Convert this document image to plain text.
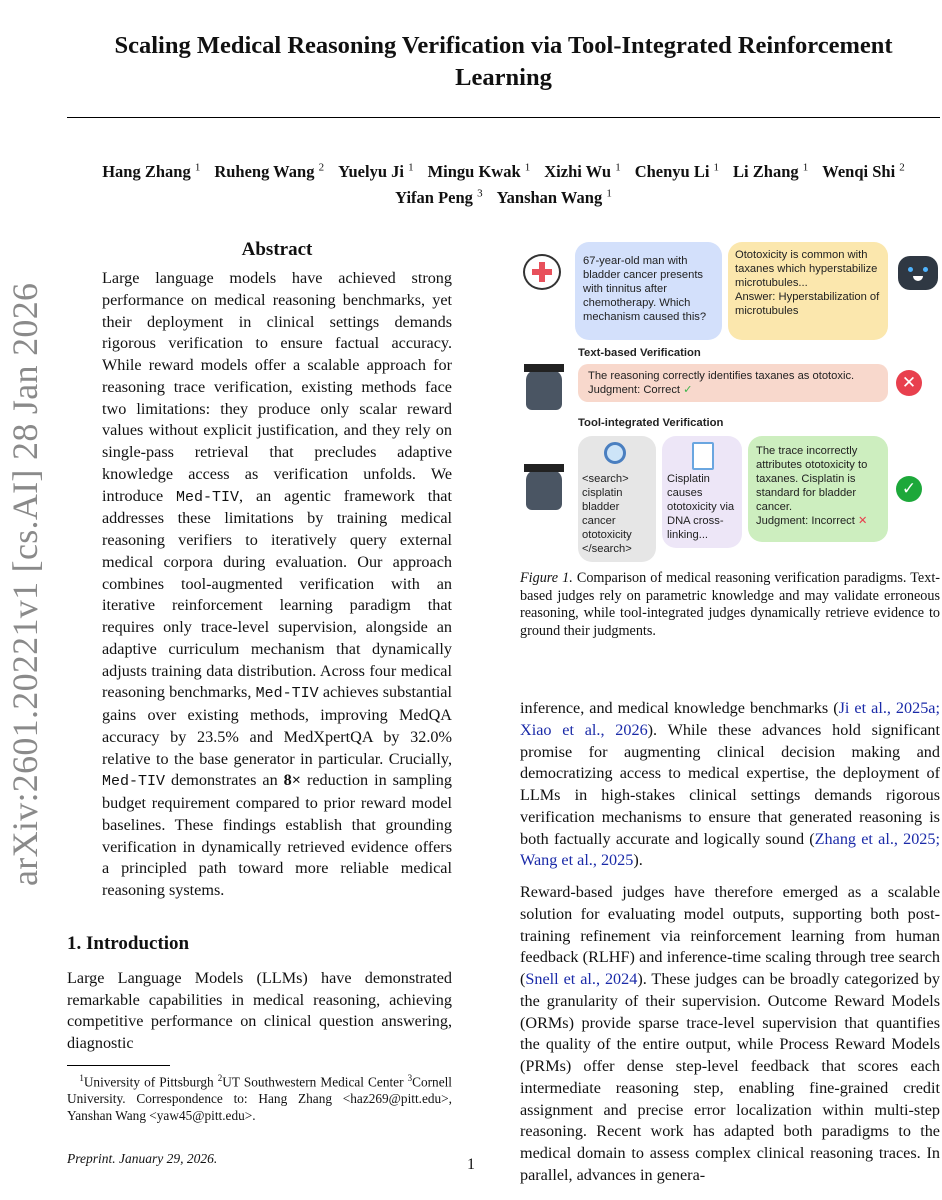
Scaling Medical Reasoning Verification via Tool-Integrated Reinforcement Learning
Hang Zhang $^1$ Ruheng Wang $^2$ Yuelyu Ji $^1$ Mingu Kwak $^1$ Xizhi Wu $^1$ Chenyu Li $^1$ Li Zhang $^1$ Wenqi Shi $^2$
Yifan Peng $^3$ Yanshan Wang $^1$
arXiv:2601.20221v1 [cs.AI] 28 Jan 2026
Abstract
Large language models have achieved strong performance on medical reasoning benchmarks, yet their deployment in clinical settings demands rigorous verification to ensure factual accuracy. While reward models offer a scalable approach for reasoning trace verification, existing methods face two limitations: they produce only scalar reward values without explicit justification, and they rely on single-pass retrieval that precludes adaptive knowledge access as verification unfolds. We introduce Med-TIV, an agentic framework that addresses these limitations by training medical reasoning verifiers to iteratively query external medical corpora during evaluation. Our approach combines tool-augmented verification with an iterative reinforcement learning paradigm that requires only trace-level supervision, alongside an adaptive curriculum mechanism that dynamically adjusts training data distribution. Across four medical reasoning benchmarks, Med-TIV achieves substantial gains over existing methods, improving MedQA accuracy by 23.5% and MedXpertQA by 32.0% relative to the base generator in particular. Crucially, Med-TIV demonstrates an 8× reduction in sampling budget requirement compared to prior reward model baselines. These findings establish that grounding verification in dynamically retrieved evidence offers a principled path toward more reliable medical reasoning systems.
1. Introduction
Large Language Models (LLMs) have demonstrated remarkable capabilities in medical reasoning, achieving competitive performance on clinical question answering, diagnostic
$^1$University of Pittsburgh $^2$UT Southwestern Medical Center $^3$Cornell University. Correspondence to: Hang Zhang <haz269@pitt.edu>, Yanshan Wang <yaw45@pitt.edu>.
Preprint. January 29, 2026.	1
67-year-old man with bladder cancer presents with tinnitus after chemotherapy. Which mechanism caused this?
Ototoxicity is common with taxanes which hyperstabilize microtubules...
Answer: Hyperstabilization of microtubules
Text-based Verification
The reasoning correctly identifies taxanes as ototoxic.
Judgment: Correct ✓	✕
Tool-integrated Verification
<search> cisplatin bladder cancer ototoxicity </search>
Cisplatin causes ototoxicity via DNA cross-linking...
The trace incorrectly attributes ototoxicity to taxanes. Cisplatin is standard for bladder cancer.
Judgment: Incorrect ✕
✓
Figure 1. Comparison of medical reasoning verification paradigms. Text-based judges rely on parametric knowledge and may validate erroneous reasoning, while tool-integrated judges dynamically retrieve evidence to ground their judgments.
inference, and medical knowledge benchmarks (Ji et al., 2025a; Xiao et al., 2026). While these advances hold significant promise for augmenting clinical decision making and democratizing access to medical expertise, the deployment of LLMs in high-stakes clinical settings demands rigorous verification mechanisms to ensure that generated reasoning is both factually accurate and logically sound (Zhang et al., 2025; Wang et al., 2025).
Reward-based judges have therefore emerged as a scalable solution for evaluating model outputs, supporting both post-training refinement via reinforcement learning from human feedback (RLHF) and inference-time scaling through tree search (Snell et al., 2024). These judges can be broadly categorized by the granularity of their supervision. Outcome Reward Models (ORMs) provide sparse trace-level supervision that quantifies the quality of the entire output, while Process Reward Models (PRMs) offer dense step-level feedback that scores each intermediate reasoning step, enabling fine-grained credit assignment and precise error localization within multi-step reasoning. Recent work has adapted both paradigms to the medical domain to assess complex clinical reasoning traces. In parallel, advances in genera-
